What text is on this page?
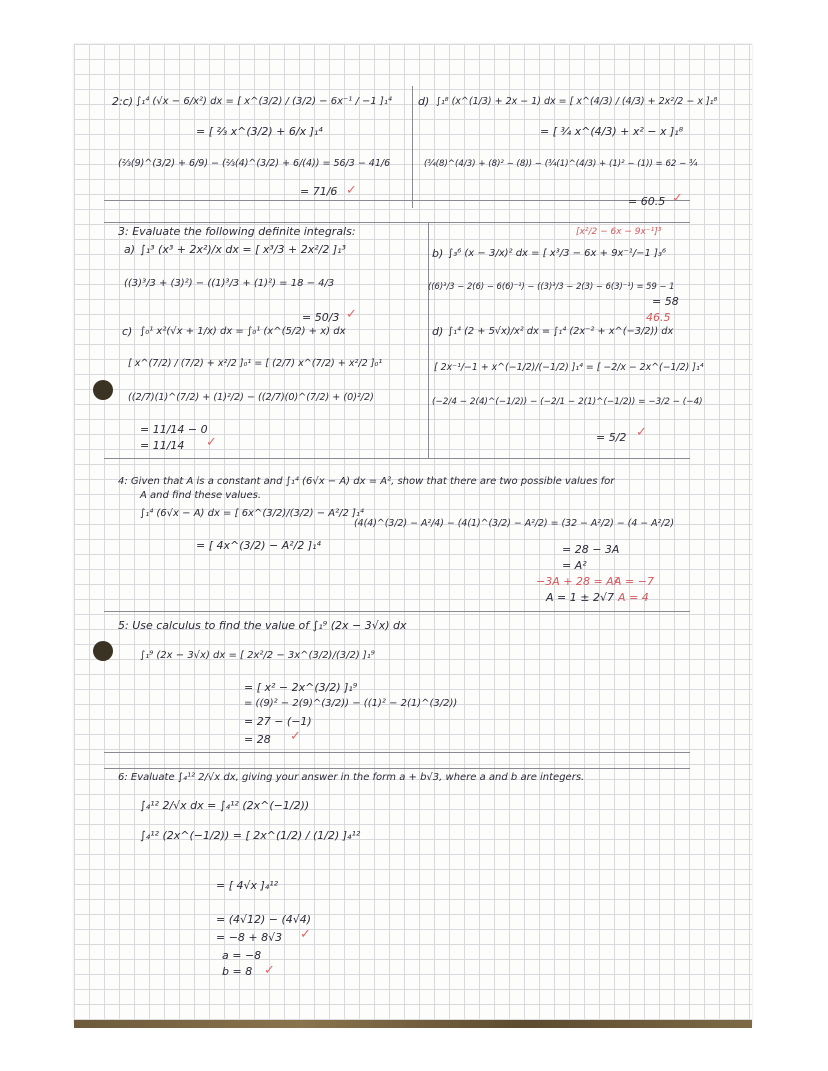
2:c) ∫₁⁴ (√x − 6/x²) dx = [ x^(3/2) / (3/2) − 6x⁻¹ / −1 ]₁⁴
= [ ⅔ x^(3/2) + 6/x ]₁⁴
(⅔(9)^(3/2) + 6/9) − (⅔(4)^(3/2) + 6/(4)) = 56/3 − 41/6
= 71/6 ✓
d) ∫₁⁸ (x^(1/3) + 2x − 1) dx = [ x^(4/3) / (4/3) + 2x²/2 − x ]₁⁸
= [ ¾ x^(4/3) + x² − x ]₁⁸
(¾(8)^(4/3) + (8)² − (8)) − (¾(1)^(4/3) + (1)² − (1)) = 62 − ¾
= 60.5 ✓
3: Evaluate the following definite integrals:
a) ∫₁³ (x³ + 2x²)/x dx = [ x³/3 + 2x²/2 ]₁³
((3)³/3 + (3)²) − ((1)³/3 + (1)²) = 18 − 4/3
= 50/3 ✓
[x²/2 − 6x − 9x⁻¹]³
b) ∫₃⁶ (x − 3/x)² dx = [ x³/3 − 6x + 9x⁻¹/−1 ]₃⁶
((6)³/3 − 2(6) − 6(6)⁻¹) − ((3)³/3 − 2(3) − 6(3)⁻¹) = 59 − 1
= 58
46.5
c) ∫₀¹ x²(√x + 1/x) dx = ∫₀¹ (x^(5/2) + x) dx
[ x^(7/2) / (7/2) + x²/2 ]₀¹ = [ (2/7) x^(7/2) + x²/2 ]₀¹
((2/7)(1)^(7/2) + (1)²/2) − ((2/7)(0)^(7/2) + (0)²/2)
= 11/14 − 0
= 11/14 ✓
d) ∫₁⁴ (2 + 5√x)/x² dx = ∫₁⁴ (2x⁻² + x^(−3/2)) dx
[ 2x⁻¹/−1 + x^(−1/2)/(−1/2) ]₁⁴ = [ −2/x − 2x^(−1/2) ]₁⁴
(−2/4 − 2(4)^(−1/2)) − (−2/1 − 2(1)^(−1/2)) = −3/2 − (−4)
= 5/2 ✓
4: Given that A is a constant and ∫₁⁴ (6√x − A) dx = A², show that there are two possible values for
A and find these values.
∫₁⁴ (6√x − A) dx = [ 6x^(3/2)/(3/2) − A²/2 ]₁⁴
= [ 4x^(3/2) − A²/2 ]₁⁴
(4(4)^(3/2) − A²/4) − (4(1)^(3/2) − A²/2) = (32 − A²/2) − (4 − A²/2)
= 28 − 3A
= A²
−3A + 28 = A²
A = −7
A = 1 ± 2√7 A = 4
5: Use calculus to find the value of ∫₁⁹ (2x − 3√x) dx
∫₁⁹ (2x − 3√x) dx = [ 2x²/2 − 3x^(3/2)/(3/2) ]₁⁹
= [ x² − 2x^(3/2) ]₁⁹
= ((9)² − 2(9)^(3/2)) − ((1)² − 2(1)^(3/2))
= 27 − (−1)
= 28 ✓
6: Evaluate ∫₄¹² 2/√x dx, giving your answer in the form a + b√3, where a and b are integers.
∫₄¹² 2/√x dx = ∫₄¹² (2x^(−1/2))
∫₄¹² (2x^(−1/2)) = [ 2x^(1/2) / (1/2) ]₄¹²
= [ 4√x ]₄¹²
= (4√12) − (4√4)
= −8 + 8√3 ✓
a = −8
b = 8 ✓
